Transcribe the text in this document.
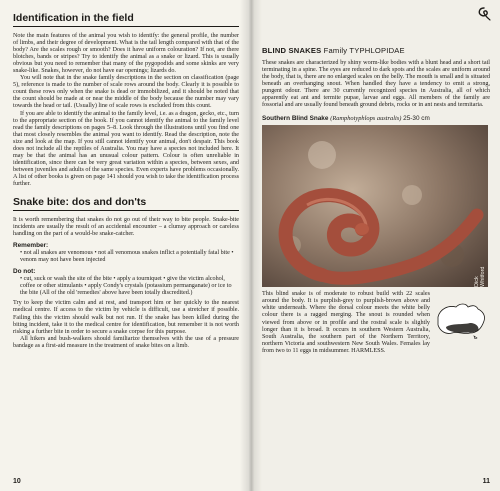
Identification in the field

Note the main features of the animal you wish to identify: the general profile, the number of limbs, and their degree of development. What is the tail length compared with that of the body? Are the scales rough or smooth? Does it have uniform colouration? If not, are there blotches, bands or stripes? Try to identify the animal as a snake or lizard. This is usually obvious but you need to remember that many of the pygopodids and some skinks are very snake-like. Snakes, however, do not have ear openings; lizards do.

You will note that in the snake family descriptions in the section on classification (page 5), reference is made to the number of scale rows around the body. Clearly it is possible to count these rows only when the snake is dead or immobilized, and it should be noted that the count should be made at or near the middle of the body because the number may vary towards the head or tail. (Usually) line of scale rows is excluded from this count.

If you are able to identify the animal to the family level, i.e. as a dragon, gecko, etc., turn to the appropriate section of the book. If you cannot identify the animal to the family level read the family descriptions on pages 5–8. Look through the illustrations until you find one that most closely resembles the animal you want to identify. Read the description, note the size and look at the map. If you still cannot identify your animal, don't despair. This book does not include all the reptiles of Australia. You may have a species not included here. It may be that the animal has an unusual colour pattern. Colour is often unreliable in identification, since there can be very great variation within a species, between sexes, and between juveniles and adults of the same species. Even experts have problems occasionally. A list of other books is given on page 141 should you wish to take the identification process further.

Snake bite: dos and don'ts

It is worth remembering that snakes do not go out of their way to bite people. Snake-bite incidents are usually the result of an accidental encounter – a clumsy approach or careless handling on the part of a would-be snake-catcher.

Remember:
• not all snakes are venomous • not all venomous snakes inflict a potentially fatal bite • venom may not have been injected
Do not:
• cut, suck or wash the site of the bite • apply a tourniquet • give the victim alcohol, coffee or other stimulants • apply Condy's crystals (potassium permanganate) or ice to the bite (All of the old 'remedies' above have been totally discredited.)

Try to keep the victim calm and at rest, and transport him or her quickly to the nearest medical centre. If access to the victim by vehicle is difficult, use a stretcher if possible. Failing this the victim should walk but not run. If the snake has been killed during the biting incident, take it to the medical centre for identification, but remember it is not worth risking a further bite in order to secure a snake corpse for this purpose.

All hikers and bush-walkers should familiarize themselves with the use of a pressure bandage as a first-aid measure in the treatment of snake bites on a limb.

10
BLIND SNAKES Family TYPHLOPIDAE

These snakes are characterized by shiny worm-like bodies with a blunt head and a short tail terminating in a spine. The eyes are reduced to dark spots and the scales are uniform around the body, that is, there are no enlarged scales on the belly. The mouth is small and is situated beneath an overhanging snout. When handled they have a tendency to emit a strong, pungent odour. There are 30 currently recognized species in Australia, all of which apparently eat ant and termite pupae, larvae and eggs. All members of the family are fossorial and are usually found beneath ground debris, rocks or in ant nests and termitaria.

Southern Blind Snake (Ramphotyphlops australis) 25-30 cm
Dick Whitford

This blind snake is of moderate to robust build with 22 scales around the body. It is purplish-grey to purplish-brown above and white underneath. Where the dorsal colour meets the white belly colour there is a ragged merging. The snout is rounded when viewed from above or in profile and the rostral scale is slightly longer than it is broad. It occurs in southern Western Australia, South Australia, the southern part of the Northern Territory, northern Victoria and southwestern New South Wales. Females lay from two to 11 eggs in midsummer. HARMLESS.

11
